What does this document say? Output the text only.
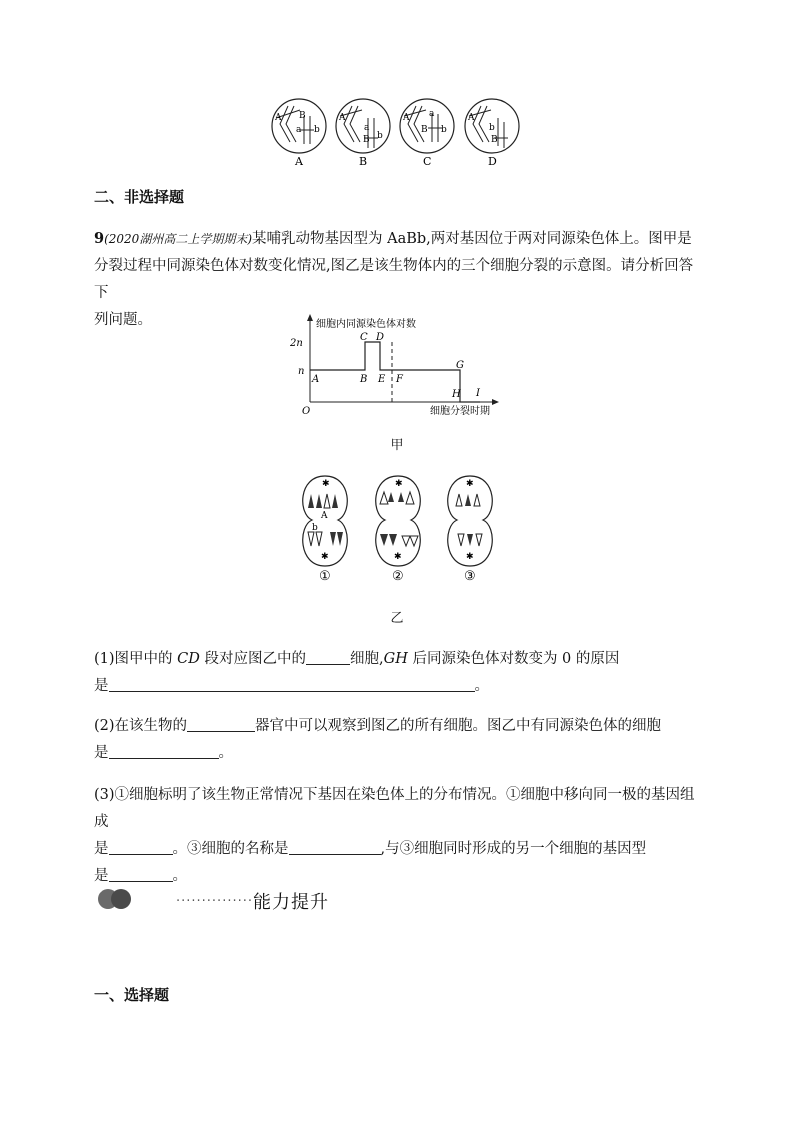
A B
a b
A
A
a
B b
B
A a
B b
C
A
b
B
D
二、非选择题
9(2020湖州高二上学期期末)某哺乳动物基因型为 AaBb,两对基因位于两对同源染色体上。图甲是
分裂过程中同源染色体对数变化情况,图乙是该生物体内的三个细胞分裂的示意图。请分析回答下
列问题。	细胞内同源染色体对数
2n
n
O	细胞分裂时期
A	B
C D
E F
G
H I
甲
✱
✱
A
b
①
✱
✱
②
✱
✱
③
乙
(1)图甲中的 CD 段对应图乙中的	细胞,GH 后同源染色体对数变为 0 的原因
是	。
(2)在该生物的	器官中可以观察到图乙的所有细胞。图乙中有同源染色体的细胞
是	。
(3)①细胞标明了该生物正常情况下基因在染色体上的分布情况。①细胞中移向同一极的基因组成
是	。③细胞的名称是	,与③细胞同时形成的另一个细胞的基因型
是	。
···············能力提升
一、选择题
